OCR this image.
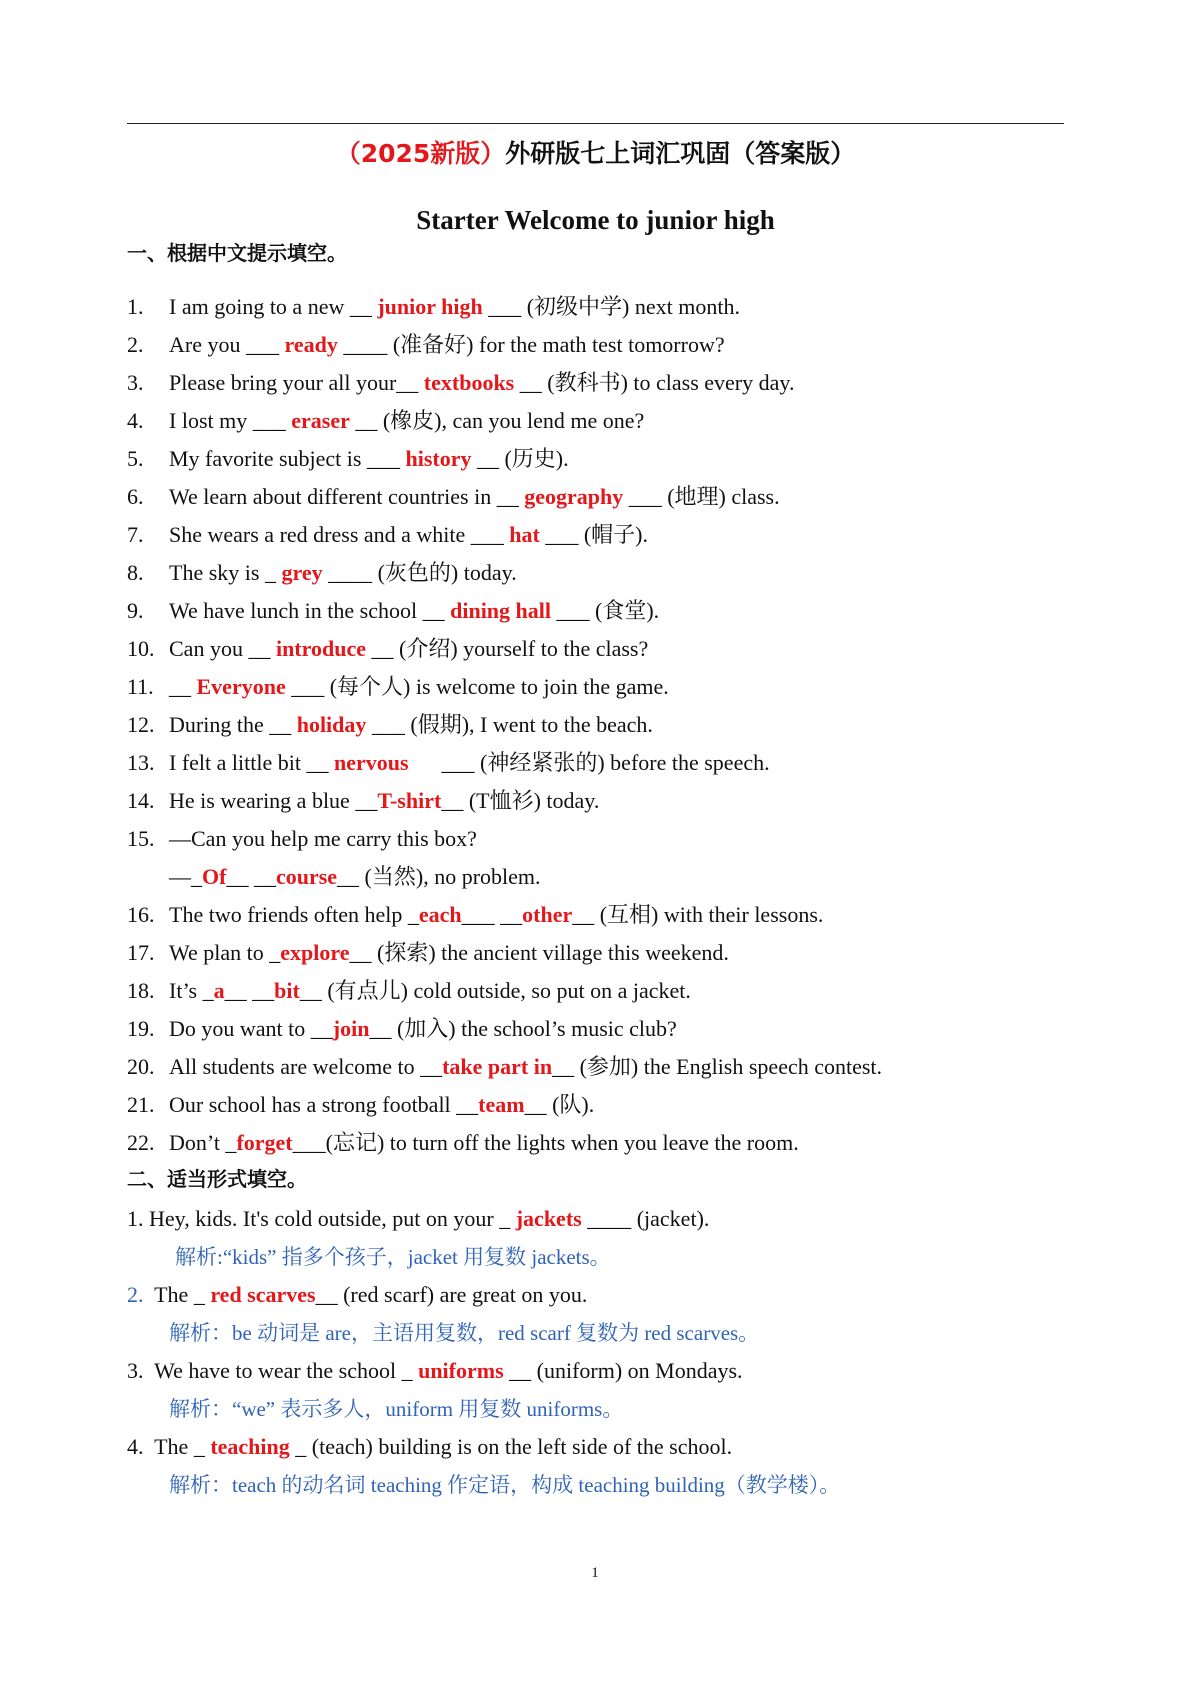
（2025新版）外研版七上词汇巩固（答案版）
Starter Welcome to junior high
一、根据中文提示填空。
1. I am going to a new __ junior high ___ (初级中学) next month.
2. Are you ___ ready ____ (准备好) for the math test tomorrow?
3. Please bring your all your__ textbooks __ (教科书) to class every day.
4. I lost my ___ eraser __ (橡皮), can you lend me one?
5. My favorite subject is ___ history __ (历史).
6. We learn about different countries in __ geography ___ (地理) class.
7. She wears a red dress and a white ___ hat ___ (帽子).
8. The sky is _ grey ____ (灰色的) today.
9. We have lunch in the school __ dining hall ___ (食堂).
10. Can you __ introduce __ (介绍) yourself to the class?
11. __ Everyone ___ (每个人) is welcome to join the game.
12. During the __ holiday ___ (假期), I went to the beach.
13. I felt a little bit __ nervous      ___ (神经紧张的) before the speech.
14. He is wearing a blue __T-shirt__ (T恤衫) today.
15. —Can you help me carry this box?
—_Of__ __course__ (当然), no problem.
16. The two friends often help _each___ __other__ (互相) with their lessons.
17. We plan to _explore__ (探索) the ancient village this weekend.
18. It’s _a__ __bit__ (有点儿) cold outside, so put on a jacket.
19. Do you want to __join__ (加入) the school’s music club?
20. All students are welcome to __take part in__ (参加) the English speech contest.
21. Our school has a strong football __team__ (队).
22. Don’t _forget___(忘记) to turn off the lights when you leave the room.
二、适当形式填空。
1. Hey, kids. It's cold outside, put on your _ jackets ____ (jacket).
解析:“kids” 指多个孩子，jacket 用复数 jackets。
2. The _ red scarves__ (red scarf) are great on you.
解析：be 动词是 are，主语用复数，red scarf 复数为 red scarves。
3. We have to wear the school _ uniforms __ (uniform) on Mondays.
解析：“we” 表示多人，uniform 用复数 uniforms。
4. The _ teaching _ (teach) building is on the left side of the school.
解析：teach 的动名词 teaching 作定语，构成 teaching building（教学楼）。
1
